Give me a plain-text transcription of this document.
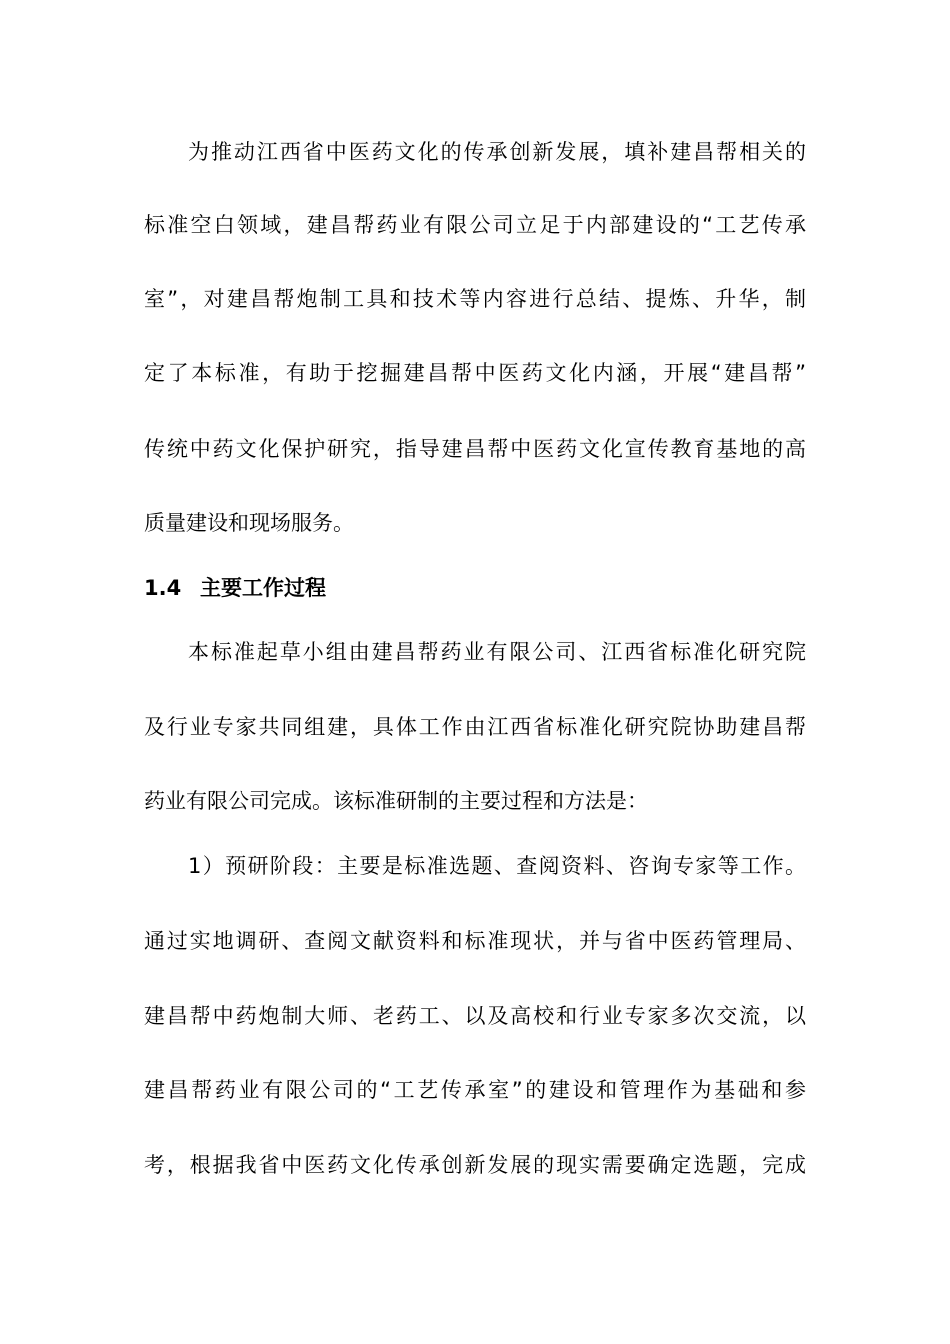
为推动江西省中医药文化的传承创新发展，填补建昌帮相关的
标准空白领域，建昌帮药业有限公司立足于内部建设的“工艺传承
室”，对建昌帮炮制工具和技术等内容进行总结、提炼、升华，制
定了本标准，有助于挖掘建昌帮中医药文化内涵，开展“建昌帮”
传统中药文化保护研究，指导建昌帮中医药文化宣传教育基地的高
质量建设和现场服务。
1.4 主要工作过程
本标准起草小组由建昌帮药业有限公司、江西省标准化研究院
及行业专家共同组建，具体工作由江西省标准化研究院协助建昌帮
药业有限公司完成。该标准研制的主要过程和方法是：
1）预研阶段：主要是标准选题、查阅资料、咨询专家等工作。
通过实地调研、查阅文献资料和标准现状，并与省中医药管理局、
建昌帮中药炮制大师、老药工、以及高校和行业专家多次交流，以
建昌帮药业有限公司的“工艺传承室”的建设和管理作为基础和参
考，根据我省中医药文化传承创新发展的现实需要确定选题，完成
